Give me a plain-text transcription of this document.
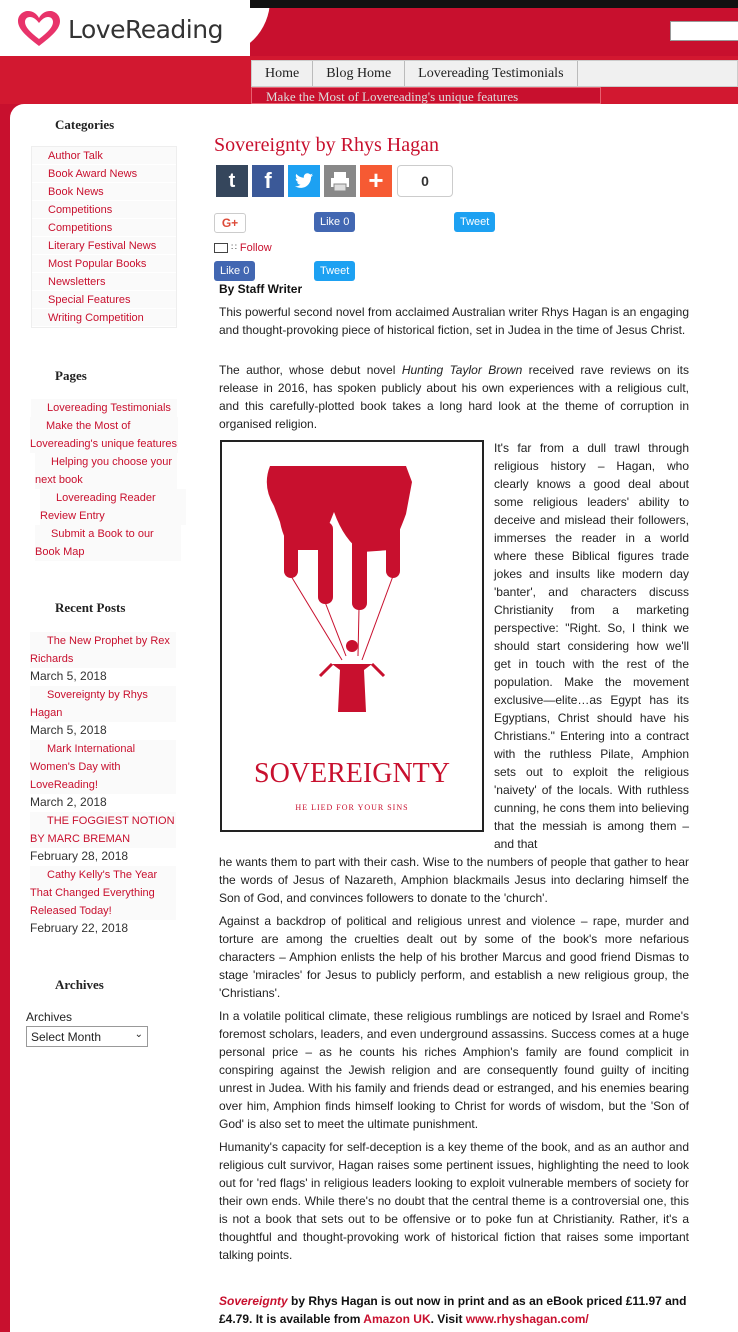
LoveReading
Home	Blog Home	Lovereading Testimonials
Make the Most of Lovereading's unique features
Categories
Author Talk
Book Award News
Book News
Competitions
Competitions
Literary Festival News
Most Popular Books
Newsletters
Special Features
Writing Competition
Pages
Lovereading Testimonials
Make the Most of Lovereading's unique features
Helping you choose your next book
Lovereading Reader Review Entry
Submit a Book to our Book Map
Recent Posts
The New Prophet by Rex Richards
March 5, 2018
Sovereignty by Rhys Hagan
March 5, 2018
Mark International Women's Day with LoveReading!
March 2, 2018
THE FOGGIEST NOTION BY MARC BREMAN
February 28, 2018
Cathy Kelly's The Year That Changed Everything Released Today!
February 22, 2018
Archives
Archives
Select Month	⌄
Sovereignty by Rhys Hagan
t	f	+	0
G+	Like 0	Tweet
∷ Follow
Like 0	Tweet
By Staff Writer
This powerful second novel from acclaimed Australian writer Rhys Hagan is an engaging and thought-provoking piece of historical fiction, set in Judea in the time of Jesus Christ.
The author, whose debut novel Hunting Taylor Brown received rave reviews on its release in 2016, has spoken publicly about his own experiences with a religious cult, and this carefully-plotted book takes a long hard look at the theme of corruption in organised religion.
RHYS HAGAN
SOVEREIGNTY
HE LIED FOR YOUR SINS
It's far from a dull trawl through religious history – Hagan, who clearly knows a good deal about some religious leaders' ability to deceive and mislead their followers, immerses the reader in a world where these Biblical figures trade jokes and insults like modern day 'banter', and characters discuss Christianity from a marketing perspective: "Right. So, I think we should start considering how we'll get in touch with the rest of the population. Make the movement exclusive—elite…as Egypt has its Egyptians, Christ should have his Christians." Entering into a contract with the ruthless Pilate, Amphion sets out to exploit the religious 'naivety' of the locals. With ruthless cunning, he cons them into believing that the messiah is among them – and that
he wants them to part with their cash. Wise to the numbers of people that gather to hear the words of Jesus of Nazareth, Amphion blackmails Jesus into declaring himself the Son of God, and convinces followers to donate to the 'church'.
Against a backdrop of political and religious unrest and violence – rape, murder and torture are among the cruelties dealt out by some of the book's more nefarious characters – Amphion enlists the help of his brother Marcus and good friend Dismas to stage 'miracles' for Jesus to publicly perform, and establish a new religious group, the 'Christians'.
In a volatile political climate, these religious rumblings are noticed by Israel and Rome's foremost scholars, leaders, and even underground assassins. Success comes at a huge personal price – as he counts his riches Amphion's family are found complicit in conspiring against the Jewish religion and are consequently found guilty of inciting unrest in Judea. With his family and friends dead or estranged, and his enemies bearing over him, Amphion finds himself looking to Christ for words of wisdom, but the 'Son of God' is also set to meet the ultimate punishment.
Humanity's capacity for self-deception is a key theme of the book, and as an author and religious cult survivor, Hagan raises some pertinent issues, highlighting the need to look out for 'red flags' in religious leaders looking to exploit vulnerable members of society for their own ends. While there's no doubt that the central theme is a controversial one, this is not a book that sets out to be offensive or to poke fun at Christianity. Rather, it's a thoughtful and thought-provoking work of historical fiction that raises some important talking points.
Sovereignty by Rhys Hagan is out now in print and as an eBook priced £11.97 and £4.79. It is available from Amazon UK. Visit www.rhyshagan.com/
